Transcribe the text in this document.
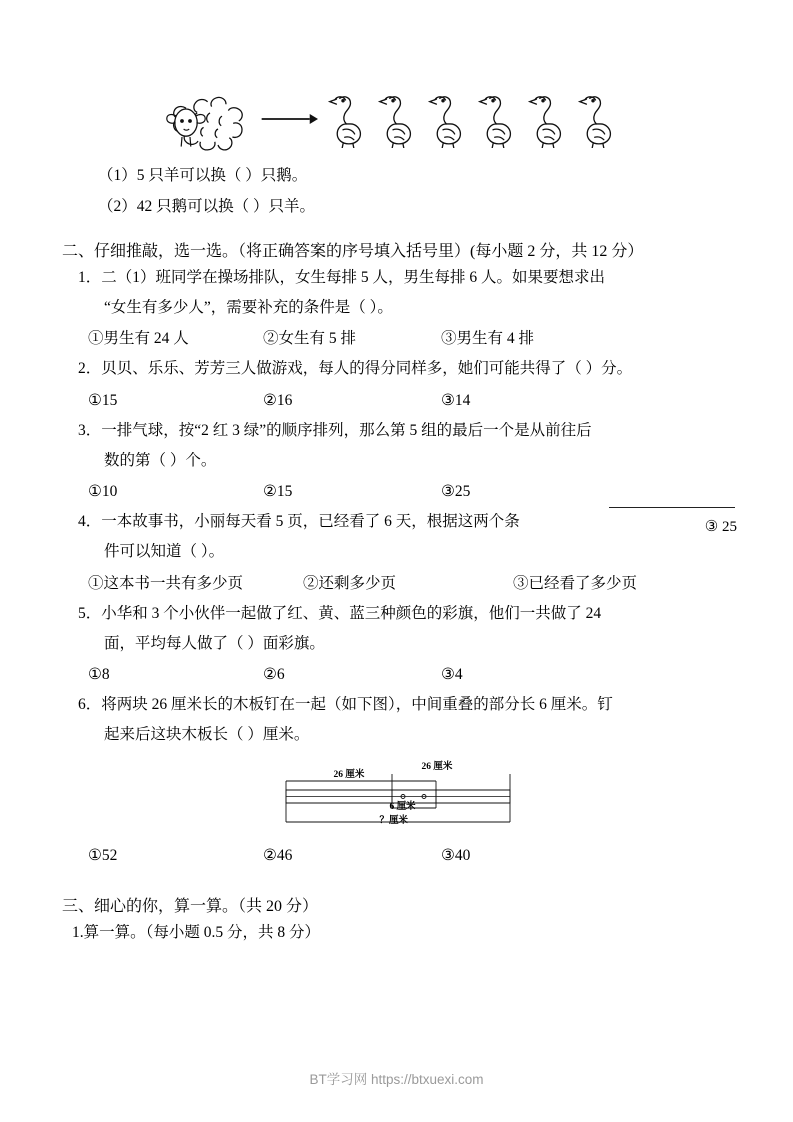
（1）5 只羊可以换（ ）只鹅。
（2）42 只鹅可以换（ ）只羊。
二、仔细推敲，选一选。（将正确答案的序号填入括号里）(每小题 2 分，共 12 分）
1．二（1）班同学在操场排队，女生每排 5 人，男生每排 6 人。如果要想求出
“女生有多少人”，需要补充的条件是（ ）。
①男生有 24 人	②女生有 5 排	③男生有 4 排
2．贝贝、乐乐、芳芳三人做游戏，每人的得分同样多，她们可能共得了（ ）分。
①15	②16	③14
3．一排气球，按“2 红 3 绿”的顺序排列，那么第 5 组的最后一个是从前往后
数的第（ ）个。
①10	②15	③25
③ 25
4．一本故事书，小丽每天看 5 页，已经看了 6 天，根据这两个条
件可以知道（ ）。
①这本书一共有多少页	②还剩多少页	③已经看了多少页
5．小华和 3 个小伙伴一起做了红、黄、蓝三种颜色的彩旗，他们一共做了 24
面，平均每人做了（ ）面彩旗。
①8	②6	③4
6．将两块 26 厘米长的木板钉在一起（如下图），中间重叠的部分长 6 厘米。钉
起来后这块木板长（ ）厘米。
26 厘米
26 厘米
6 厘米
？厘米
①52	②46	③40
三、细心的你，算一算。（共 20 分）
1.算一算。（每小题 0.5 分，共 8 分）
BT学习网 https://btxuexi.com
